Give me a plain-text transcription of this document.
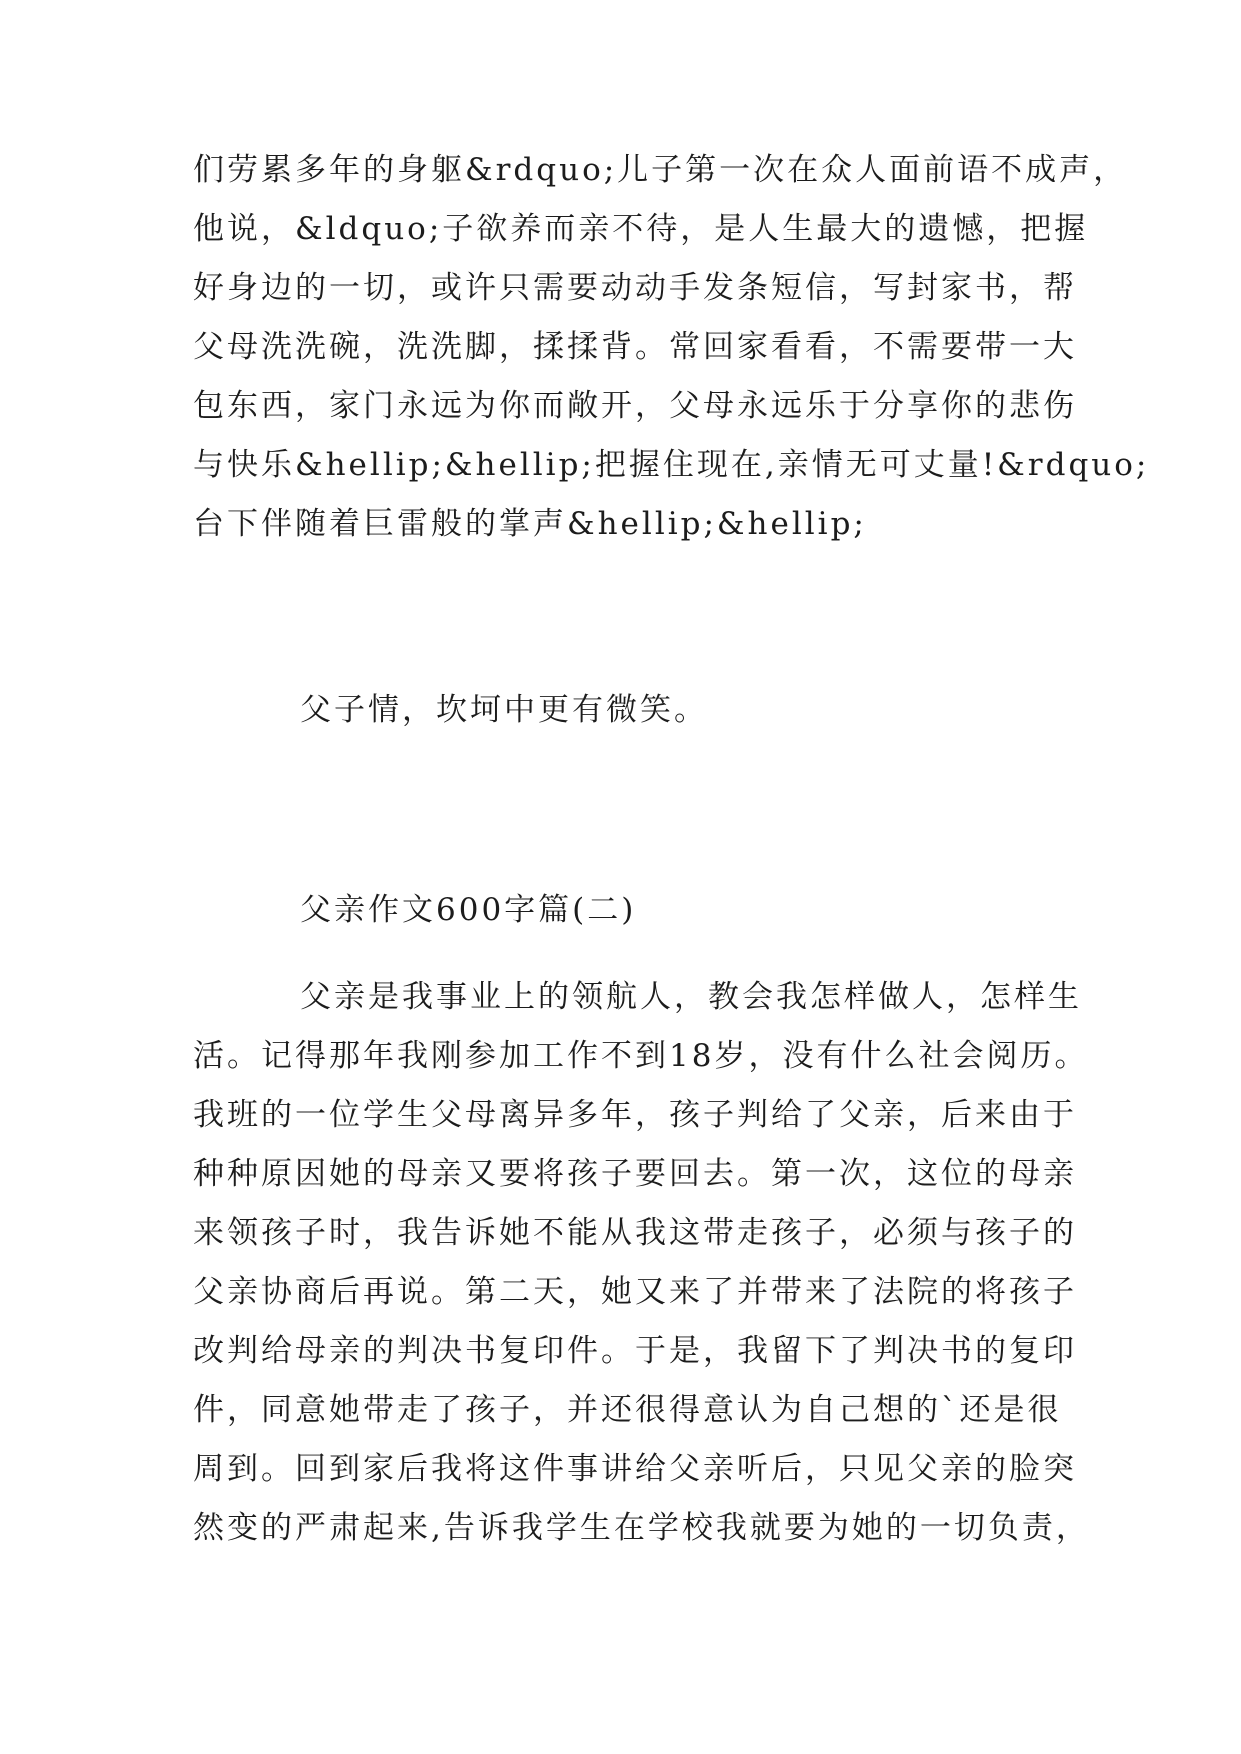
们劳累多年的身躯&rdquo;儿子第一次在众人面前语不成声，
他说，&ldquo;子欲养而亲不待，是人生最大的遗憾，把握
好身边的一切，或许只需要动动手发条短信，写封家书，帮
父母洗洗碗，洗洗脚，揉揉背。常回家看看，不需要带一大
包东西，家门永远为你而敞开，父母永远乐于分享你的悲伤
与快乐&hellip;&hellip;把握住现在,亲情无可丈量!&rdquo;
台下伴随着巨雷般的掌声&hellip;&hellip;
父子情，坎坷中更有微笑。
父亲作文600字篇(二)
父亲是我事业上的领航人，教会我怎样做人，怎样生
活。记得那年我刚参加工作不到18岁，没有什么社会阅历。
我班的一位学生父母离异多年，孩子判给了父亲，后来由于
种种原因她的母亲又要将孩子要回去。第一次，这位的母亲
来领孩子时，我告诉她不能从我这带走孩子，必须与孩子的
父亲协商后再说。第二天，她又来了并带来了法院的将孩子
改判给母亲的判决书复印件。于是，我留下了判决书的复印
件，同意她带走了孩子，并还很得意认为自己想的`还是很
周到。回到家后我将这件事讲给父亲听后，只见父亲的脸突
然变的严肃起来,告诉我学生在学校我就要为她的一切负责，
